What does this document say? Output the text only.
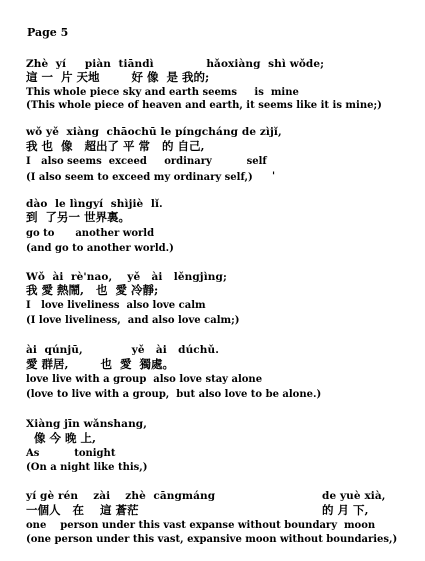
Page 5
Zhè  yí     piàn  tiāndì              hǎoxiàng  shì wǒde;
這 一  片 天地        好 像  是 我的;
This whole piece sky and earth seems     is  mine
(This whole piece of heaven and earth, it seems like it is mine;)
wǒ yě  xiàng  chāochū le píngcháng de zìjǐ,
我 也  像   超出了 平 常   的 自己,
I   also seems  exceed     ordinary          self
(I also seem to exceed my ordinary self,) '
dào  le lìngyí  shìjiè  lǐ.
到  了另一 世界裏。
go to      another world
(and go to another world.)
Wǒ  ài  rè'nao,    yě   ài   lěngjìng;
我 愛 熱鬧,   也  愛 冷靜;
I   love liveliness  also love calm
(I love liveliness,  and also love calm;)
ài  qúnjū,             yě   ài   dúchǔ.
愛 群居,        也  愛  獨處。
love live with a group  also love stay alone
(love to live with a group,  but also love to be alone.)
Xiàng jīn wǎnshang,
像 今 晚 上,
As          tonight
(On a night like this,)
yí gè rén    zài    zhè  cāngmáng	de yuè xià,
一個人   在    這 蒼茫	的 月 下,
one    person under this vast expanse without boundary  moon
(one person under this vast, expansive moon without boundaries,)
